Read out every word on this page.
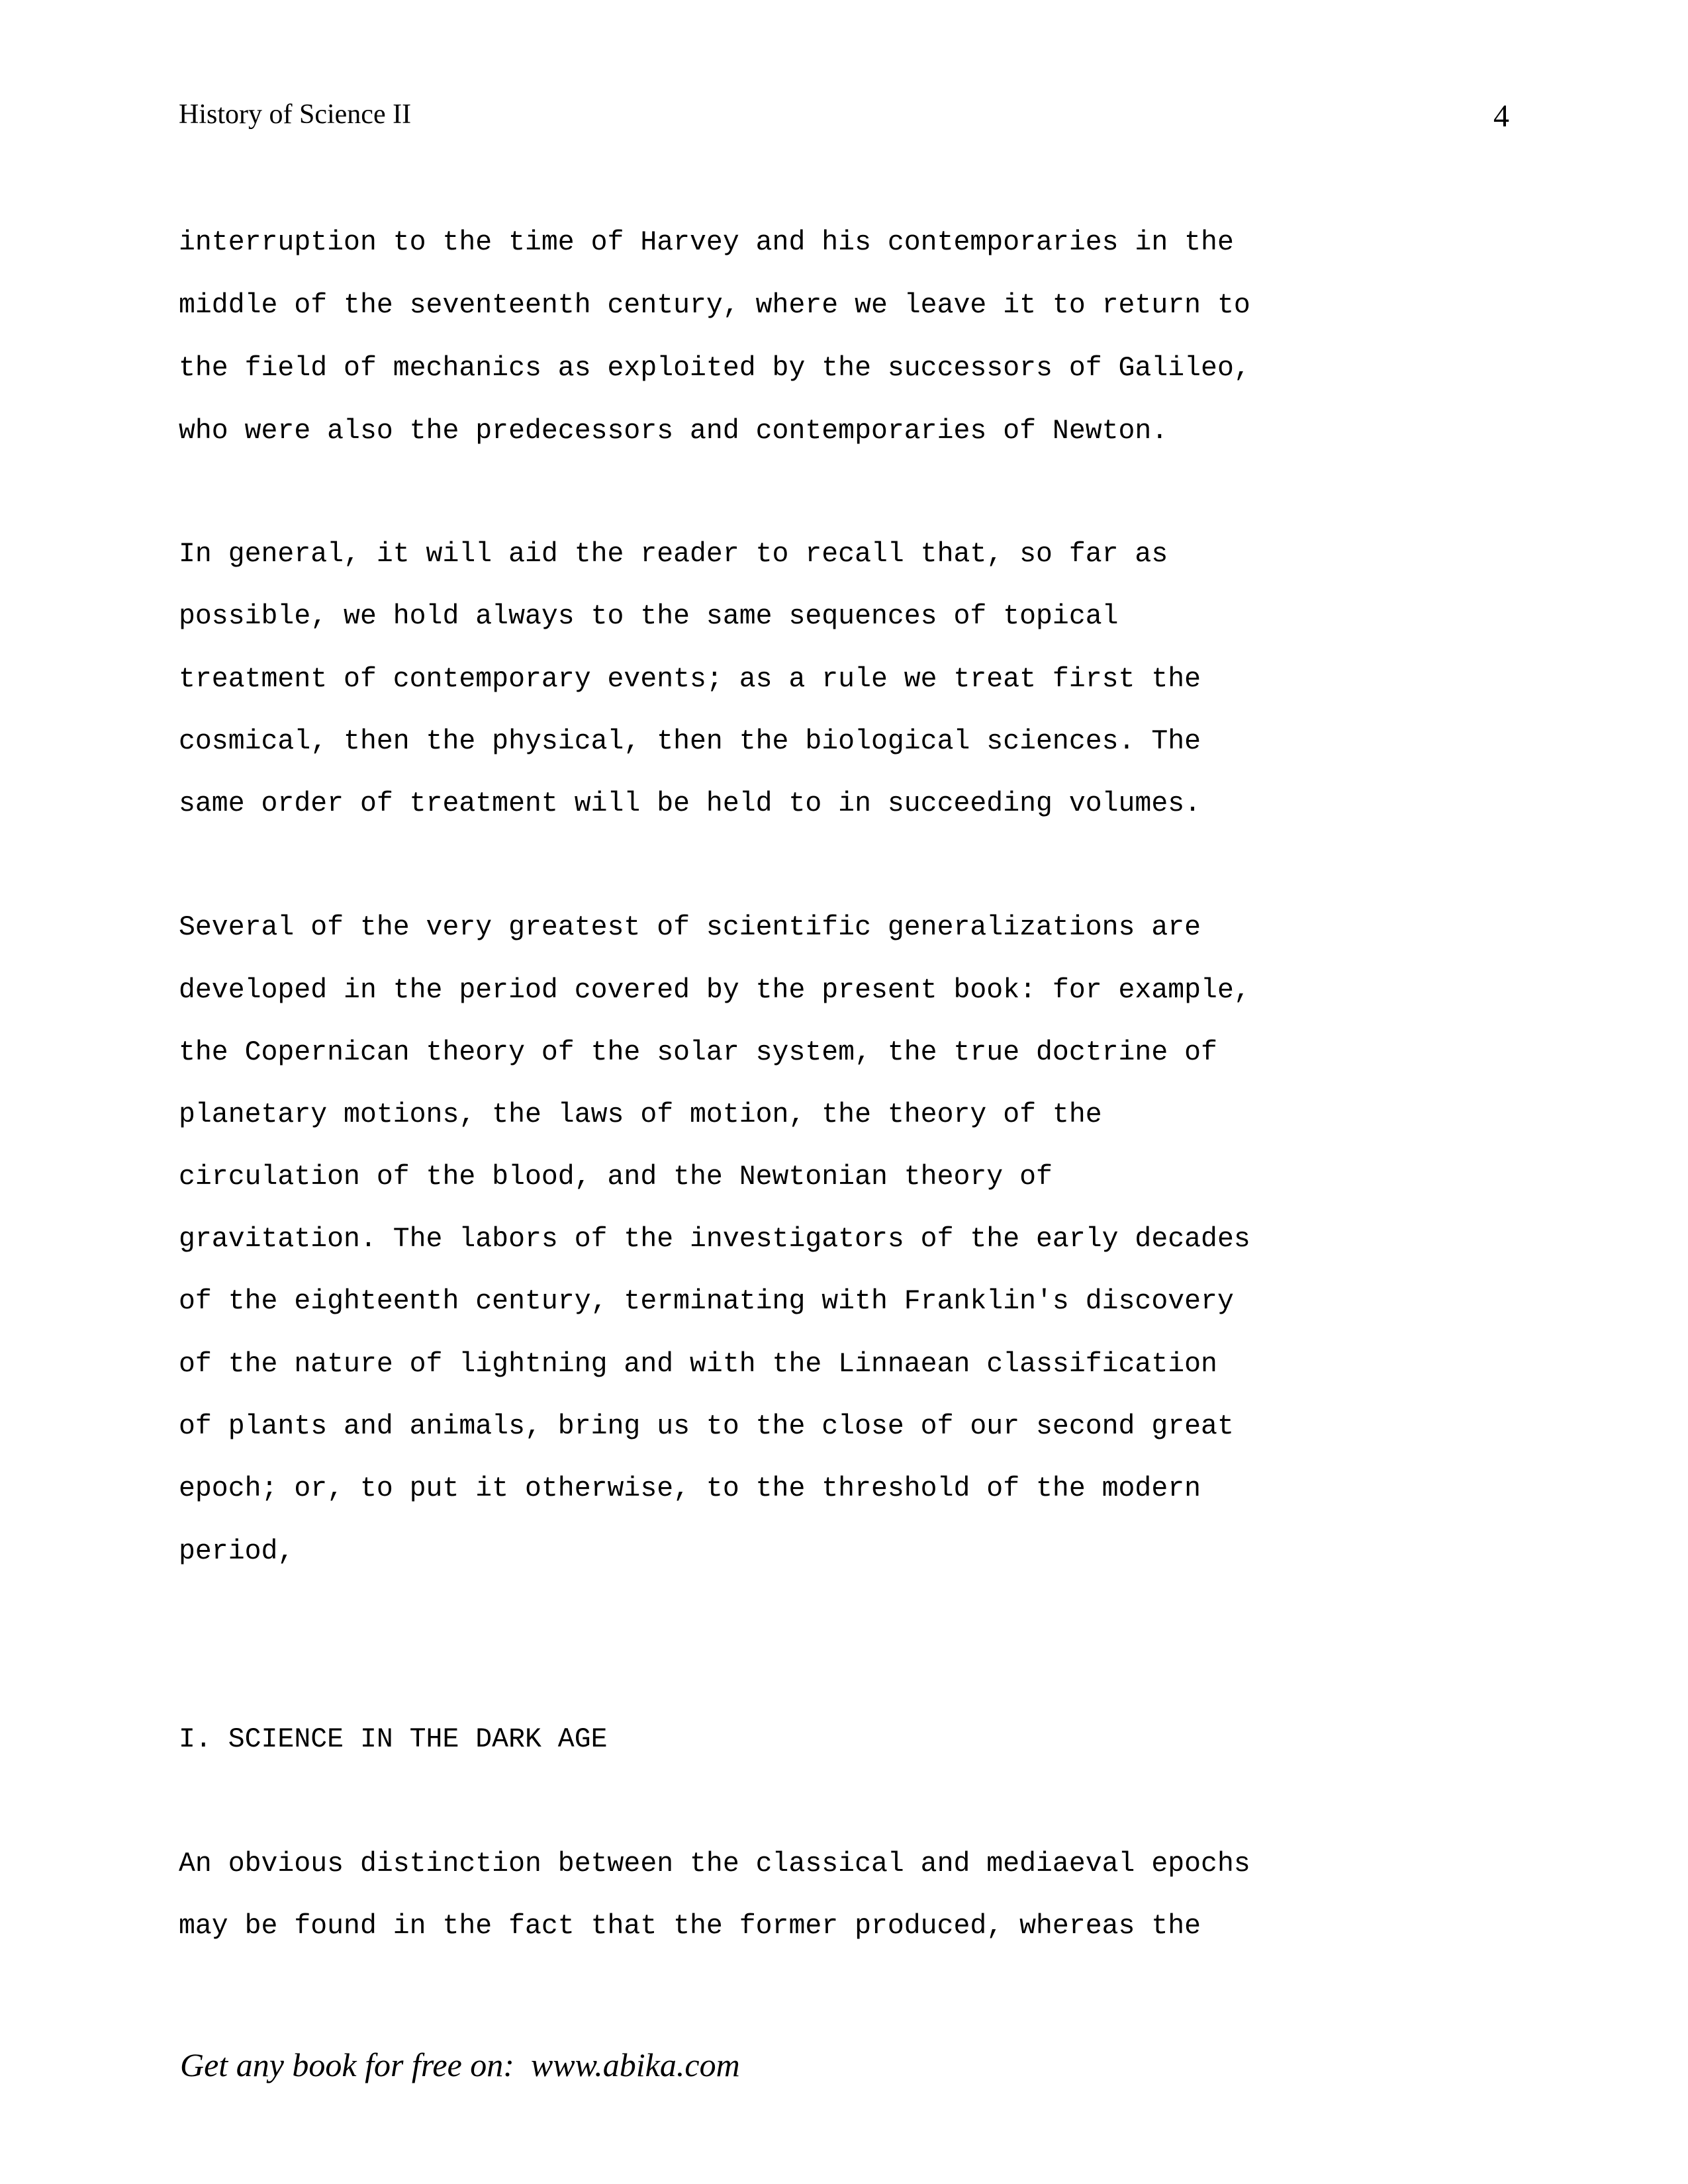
History of Science II	4
interruption to the time of Harvey and his contemporaries in the
middle of the seventeenth century, where we leave it to return to
the field of mechanics as exploited by the successors of Galileo,
who were also the predecessors and contemporaries of Newton.
In general, it will aid the reader to recall that, so far as
possible, we hold always to the same sequences of topical
treatment of contemporary events; as a rule we treat first the
cosmical, then the physical, then the biological sciences. The
same order of treatment will be held to in succeeding volumes.
Several of the very greatest of scientific generalizations are
developed in the period covered by the present book: for example,
the Copernican theory of the solar system, the true doctrine of
planetary motions, the laws of motion, the theory of the
circulation of the blood, and the Newtonian theory of
gravitation. The labors of the investigators of the early decades
of the eighteenth century, terminating with Franklin's discovery
of the nature of lightning and with the Linnaean classification
of plants and animals, bring us to the close of our second great
epoch; or, to put it otherwise, to the threshold of the modern
period,
I. SCIENCE IN THE DARK AGE
An obvious distinction between the classical and mediaeval epochs
may be found in the fact that the former produced, whereas the
Get any book for free on:  www.abika.com
